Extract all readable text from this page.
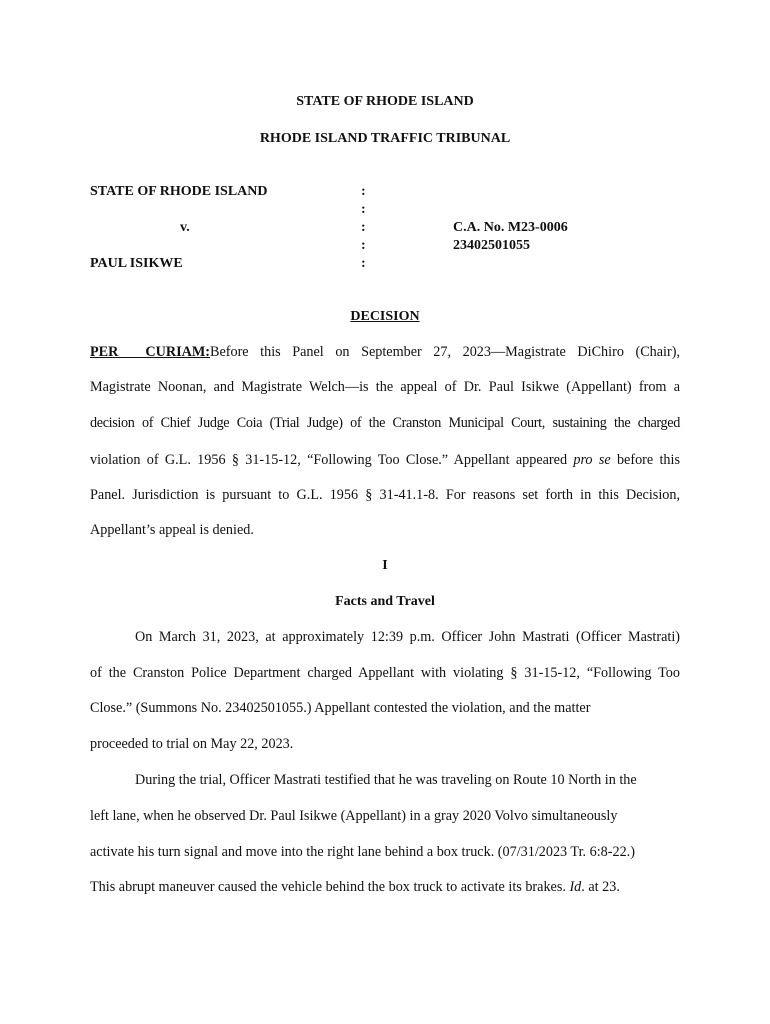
STATE OF RHODE ISLAND
RHODE ISLAND TRAFFIC TRIBUNAL
STATE OF RHODE ISLAND
v.
PAUL ISIKWE
:
:
:
:
:
C.A. No. M23-0006
23402501055
DECISION
PER CURIAM:Before this Panel on September 27, 2023—Magistrate DiChiro (Chair),
Magistrate Noonan, and Magistrate Welch—is the appeal of Dr. Paul Isikwe (Appellant) from a
decision of Chief Judge Coia (Trial Judge) of the Cranston Municipal Court, sustaining the charged
violation of G.L. 1956 § 31-15-12, “Following Too Close.” Appellant appeared pro se before this
Panel. Jurisdiction is pursuant to G.L. 1956 § 31-41.1-8. For reasons set forth in this Decision,
Appellant’s appeal is denied.
I
Facts and Travel
On March 31, 2023, at approximately 12:39 p.m. Officer John Mastrati (Officer Mastrati)
of the Cranston Police Department charged Appellant with violating § 31-15-12, “Following Too
Close.” (Summons No. 23402501055.) Appellant contested the violation, and the matter
proceeded to trial on May 22, 2023.
During the trial, Officer Mastrati testified that he was traveling on Route 10 North in the
left lane, when he observed Dr. Paul Isikwe (Appellant) in a gray 2020 Volvo simultaneously
activate his turn signal and move into the right lane behind a box truck. (07/31/2023 Tr. 6:8-22.)
This abrupt maneuver caused the vehicle behind the box truck to activate its brakes. Id. at 23.
